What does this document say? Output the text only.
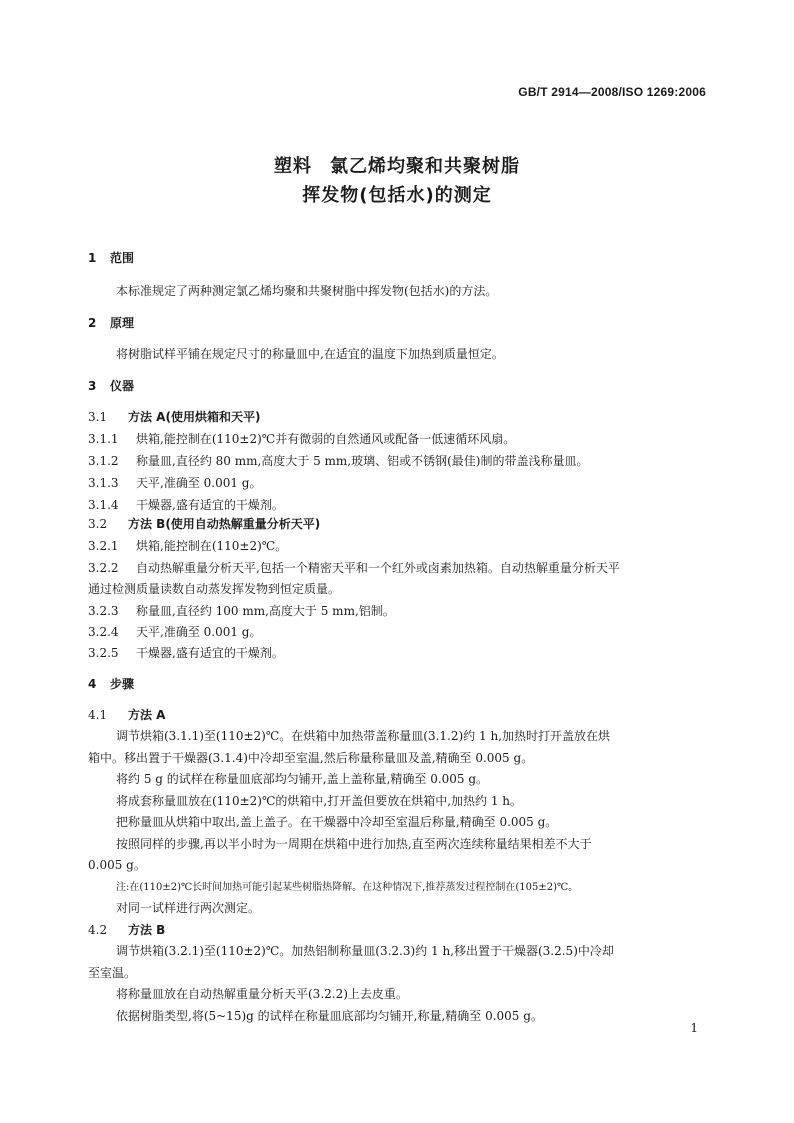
GB/T 2914—2008/ISO 1269:2006
塑料 氯乙烯均聚和共聚树脂
挥发物(包括水)的测定
1 范围
本标准规定了两种测定氯乙烯均聚和共聚树脂中挥发物(包括水)的方法。
2 原理
将树脂试样平铺在规定尺寸的称量皿中,在适宜的温度下加热到质量恒定。
3 仪器
3.1 方法 A(使用烘箱和天平)
3.1.1 烘箱,能控制在(110±2)℃并有微弱的自然通风或配备一低速循环风扇。
3.1.2 称量皿,直径约 80 mm,高度大于 5 mm,玻璃、铝或不锈钢(最佳)制的带盖浅称量皿。
3.1.3 天平,准确至 0.001 g。
3.1.4 干燥器,盛有适宜的干燥剂。
3.2 方法 B(使用自动热解重量分析天平)
3.2.1 烘箱,能控制在(110±2)℃。
3.2.2 自动热解重量分析天平,包括一个精密天平和一个红外或卤素加热箱。自动热解重量分析天平
通过检测质量读数自动蒸发挥发物到恒定质量。
3.2.3 称量皿,直径约 100 mm,高度大于 5 mm,铝制。
3.2.4 天平,准确至 0.001 g。
3.2.5 干燥器,盛有适宜的干燥剂。
4 步骤
4.1 方法 A
调节烘箱(3.1.1)至(110±2)℃。在烘箱中加热带盖称量皿(3.1.2)约 1 h,加热时打开盖放在烘
箱中。移出置于干燥器(3.1.4)中冷却至室温,然后称量称量皿及盖,精确至 0.005 g。
将约 5 g 的试样在称量皿底部均匀铺开,盖上盖称量,精确至 0.005 g。
将成套称量皿放在(110±2)℃的烘箱中,打开盖但要放在烘箱中,加热约 1 h。
把称量皿从烘箱中取出,盖上盖子。在干燥器中冷却至室温后称量,精确至 0.005 g。
按照同样的步骤,再以半小时为一周期在烘箱中进行加热,直至两次连续称量结果相差不大于
0.005 g。
注:在(110±2)℃长时间加热可能引起某些树脂热降解。在这种情况下,推荐蒸发过程控制在(105±2)℃。
对同一试样进行两次测定。
4.2 方法 B
调节烘箱(3.2.1)至(110±2)℃。加热铝制称量皿(3.2.3)约 1 h,移出置于干燥器(3.2.5)中冷却
至室温。
将称量皿放在自动热解重量分析天平(3.2.2)上去皮重。
依据树脂类型,将(5~15)g 的试样在称量皿底部均匀铺开,称量,精确至 0.005 g。
1
